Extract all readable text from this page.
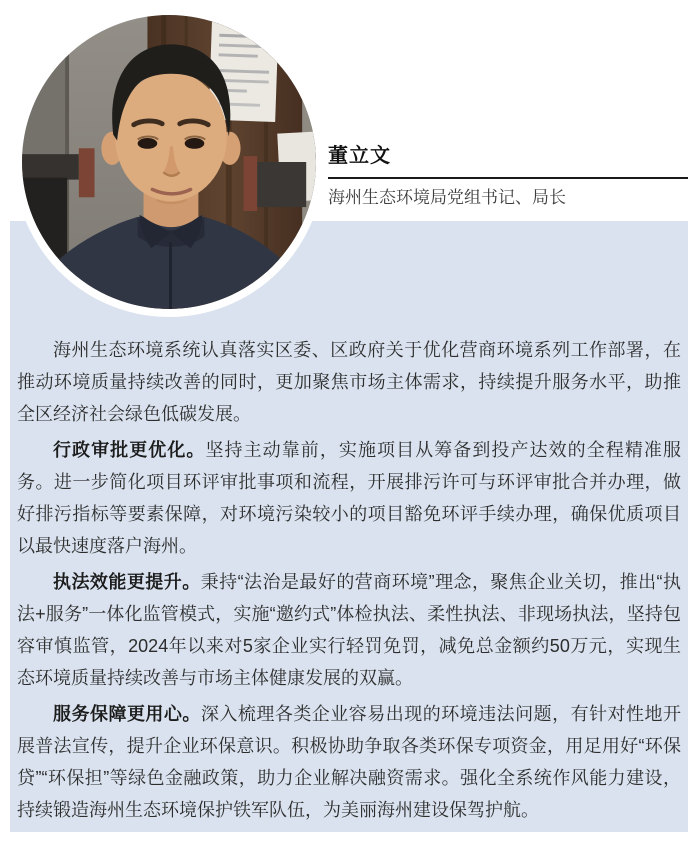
董立文
海州生态环境局党组书记、局长

海州生态环境系统认真落实区委、区政府关于优化营商环境系列工作部署，在推动环境质量持续改善的同时，更加聚焦市场主体需求，持续提升服务水平，助推全区经济社会绿色低碳发展。

行政审批更优化。坚持主动靠前，实施项目从筹备到投产达效的全程精准服务。进一步简化项目环评审批事项和流程，开展排污许可与环评审批合并办理，做好排污指标等要素保障，对环境污染较小的项目豁免环评手续办理，确保优质项目以最快速度落户海州。

执法效能更提升。秉持“法治是最好的营商环境”理念，聚焦企业关切，推出“执法+服务”一体化监管模式，实施“邀约式”体检执法、柔性执法、非现场执法，坚持包容审慎监管，2024年以来对5家企业实行轻罚免罚，减免总金额约50万元，实现生态环境质量持续改善与市场主体健康发展的双赢。

服务保障更用心。深入梳理各类企业容易出现的环境违法问题，有针对性地开展普法宣传，提升企业环保意识。积极协助争取各类环保专项资金，用足用好“环保贷”“环保担”等绿色金融政策，助力企业解决融资需求。强化全系统作风能力建设，持续锻造海州生态环境保护铁军队伍，为美丽海州建设保驾护航。
